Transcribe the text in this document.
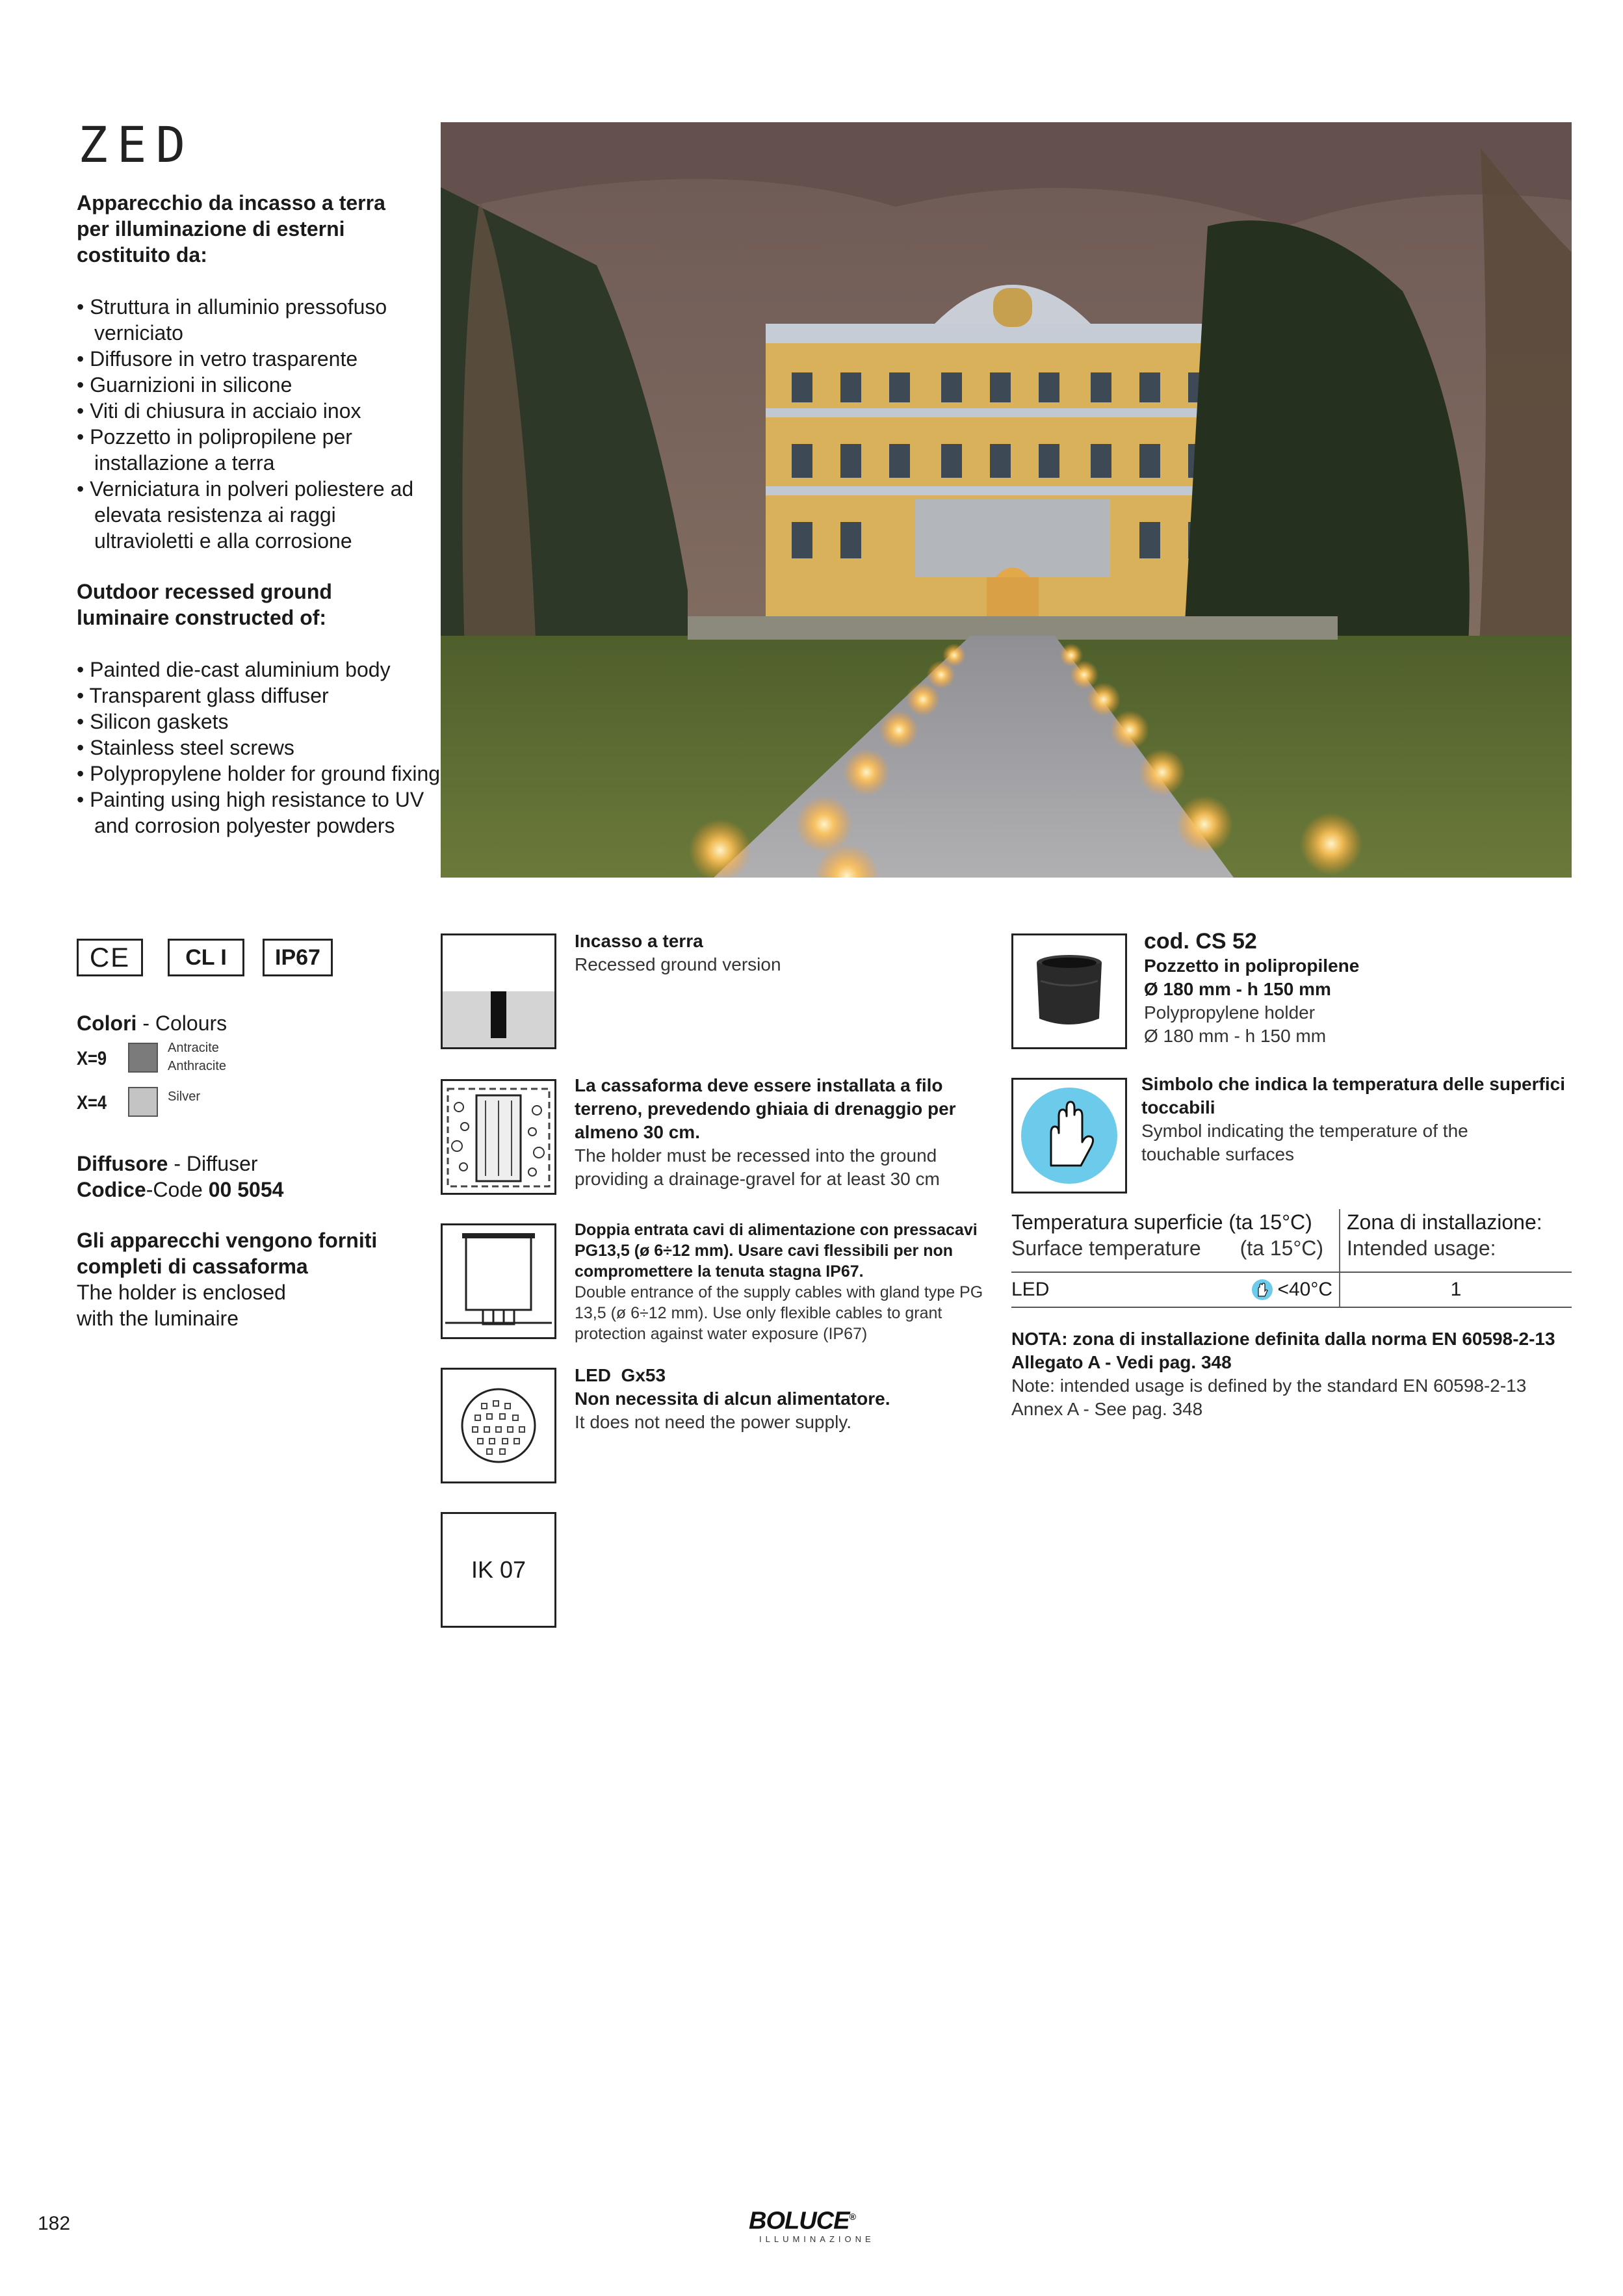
ZED
Apparecchio da incasso a terra per illuminazione di esterni costituito da:
• Struttura in alluminio pressofuso verniciato
• Diffusore in vetro trasparente
• Guarnizioni in silicone
• Viti di chiusura in acciaio inox
• Pozzetto in polipropilene per installazione a terra
• Verniciatura in polveri poliestere ad elevata resistenza ai raggi ultravioletti e alla corrosione
Outdoor recessed ground luminaire constructed of:
• Painted die-cast aluminium body
• Transparent glass diffuser
• Silicon gaskets
• Stainless steel screws
• Polypropylene holder for ground fixing
• Painting using high resistance to UV and corrosion polyester powders
CE	CL I IP67
Colori - Colours
X=9	Antracite
Anthracite
X=4	Silver
Diffusore - Diffuser
Codice-Code 00 5054
Gli apparecchi vengono forniti completi di cassaforma
The holder is enclosed with the luminaire
IK 07
Incasso a terra
Recessed ground version
La cassaforma deve essere installata a filo terreno, prevedendo ghiaia di drenaggio per almeno 30 cm.
The holder must be recessed into the ground providing a drainage-gravel for at least 30 cm
Doppia entrata cavi di alimentazione con pressacavi PG13,5 (ø 6÷12 mm). Usare cavi flessibili per non compromettere la tenuta stagna IP67.
Double entrance of the supply cables with gland type PG 13,5 (ø 6÷12 mm). Use only flexible cables to grant protection against water exposure (IP67)
LED  Gx53
Non necessita di alcun alimentatore.
It does not need the power supply.
cod. CS 52
Pozzetto in polipropilene
Ø 180 mm - h 150 mm
Polypropylene holder
Ø 180 mm - h 150 mm
Simbolo che indica la temperatura delle superfici toccabili
Symbol indicating the temperature of the touchable surfaces
Temperatura superficie (ta 15°C)
Surface temperature (ta 15°C)
Zona di installazione:
Intended usage:
LED	<40°C	1
NOTA: zona di installazione definita dalla norma EN 60598-2-13
Allegato A - Vedi pag. 348
Note: intended usage is defined by the standard EN 60598-2-13
Annex A - See pag. 348
182	BOLUCE®
ILLUMINAZIONE
